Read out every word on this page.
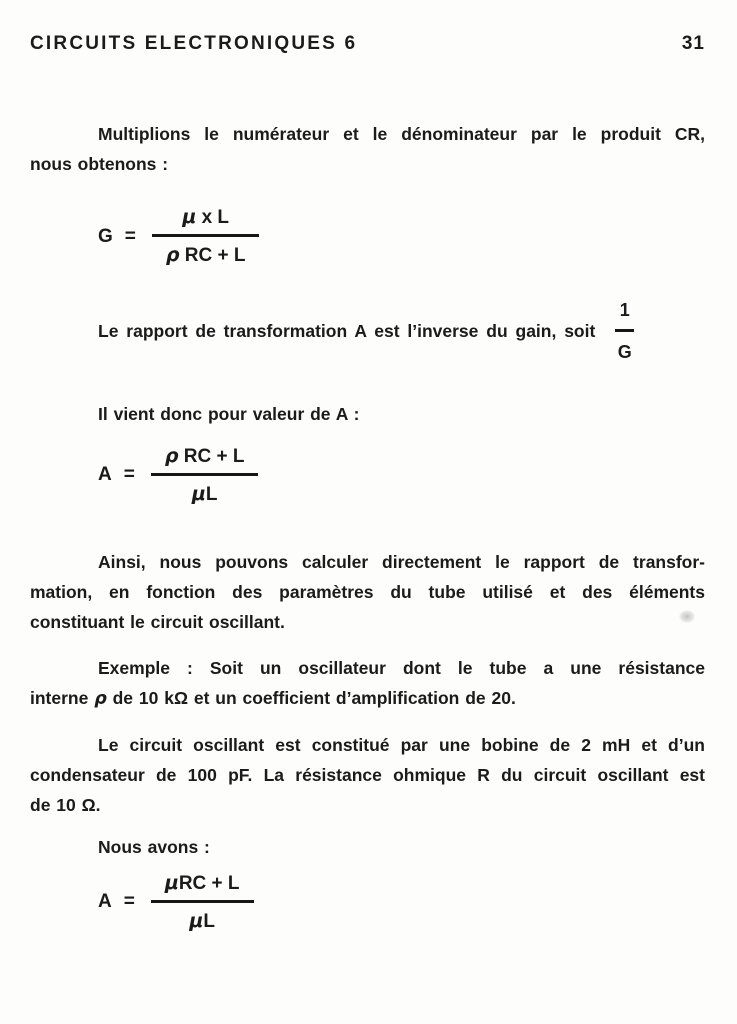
CIRCUITS ELECTRONIQUES 6	31
Multiplions le numérateur et le dénominateur par le produit CR,
nous obtenons :
$G = \frac{\text{μ x L}}{\text{ρ RC + L}}$
Le rapport de transformation A est l’inverse du gain, soit $\frac{1}{G}$
Il vient donc pour valeur de A :
$A = \frac{\text{ρ RC + L}}{\mu L}$
Ainsi, nous pouvons calculer directement le rapport de transfor-
mation, en fonction des paramètres du tube utilisé et des éléments
constituant le circuit oscillant.
Exemple : Soit un oscillateur dont le tube a une résistance
interne ρ de 10 kΩ et un coefficient d’amplification de 20.
Le circuit oscillant est constitué par une bobine de 2 mH et d’un
condensateur de 100 pF. La résistance ohmique R du circuit oscillant est
de 10 Ω.
Nous avons :
$A = \frac{\text{μRC + L}}{\mu L}$
